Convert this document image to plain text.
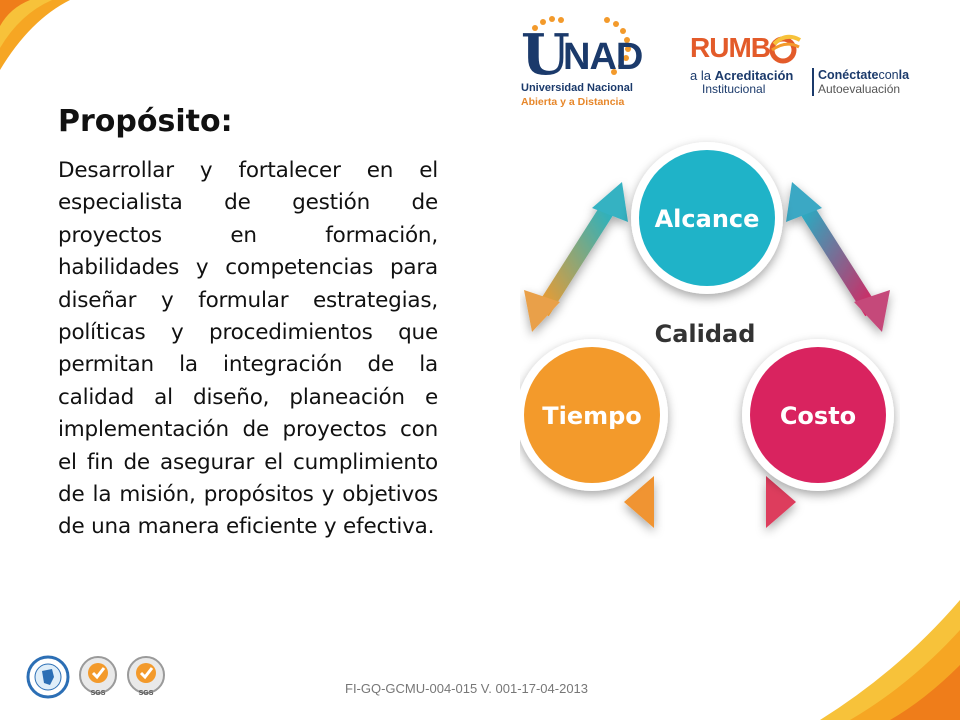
U
NAD
Universidad Nacional
Abierta y a Distancia
RUMB
a la Acreditación
Institucional
Conéctateconla
Autoevaluación
Propósito:

Desarrollar y fortalecer en el especialista de gestión de proyectos en formación, habilidades y competencias para diseñar y formular estrategias, políticas y procedimientos que permitan la integración de la calidad al diseño, planeación e implementación de proyectos con el fin de asegurar el cumplimiento de la misión, propósitos y objetivos de una manera eficiente y efectiva.

Alcance
Tiempo	Costo
Calidad
SGS	SGS	FI-GQ-GCMU-004-015 V. 001-17-04-2013
